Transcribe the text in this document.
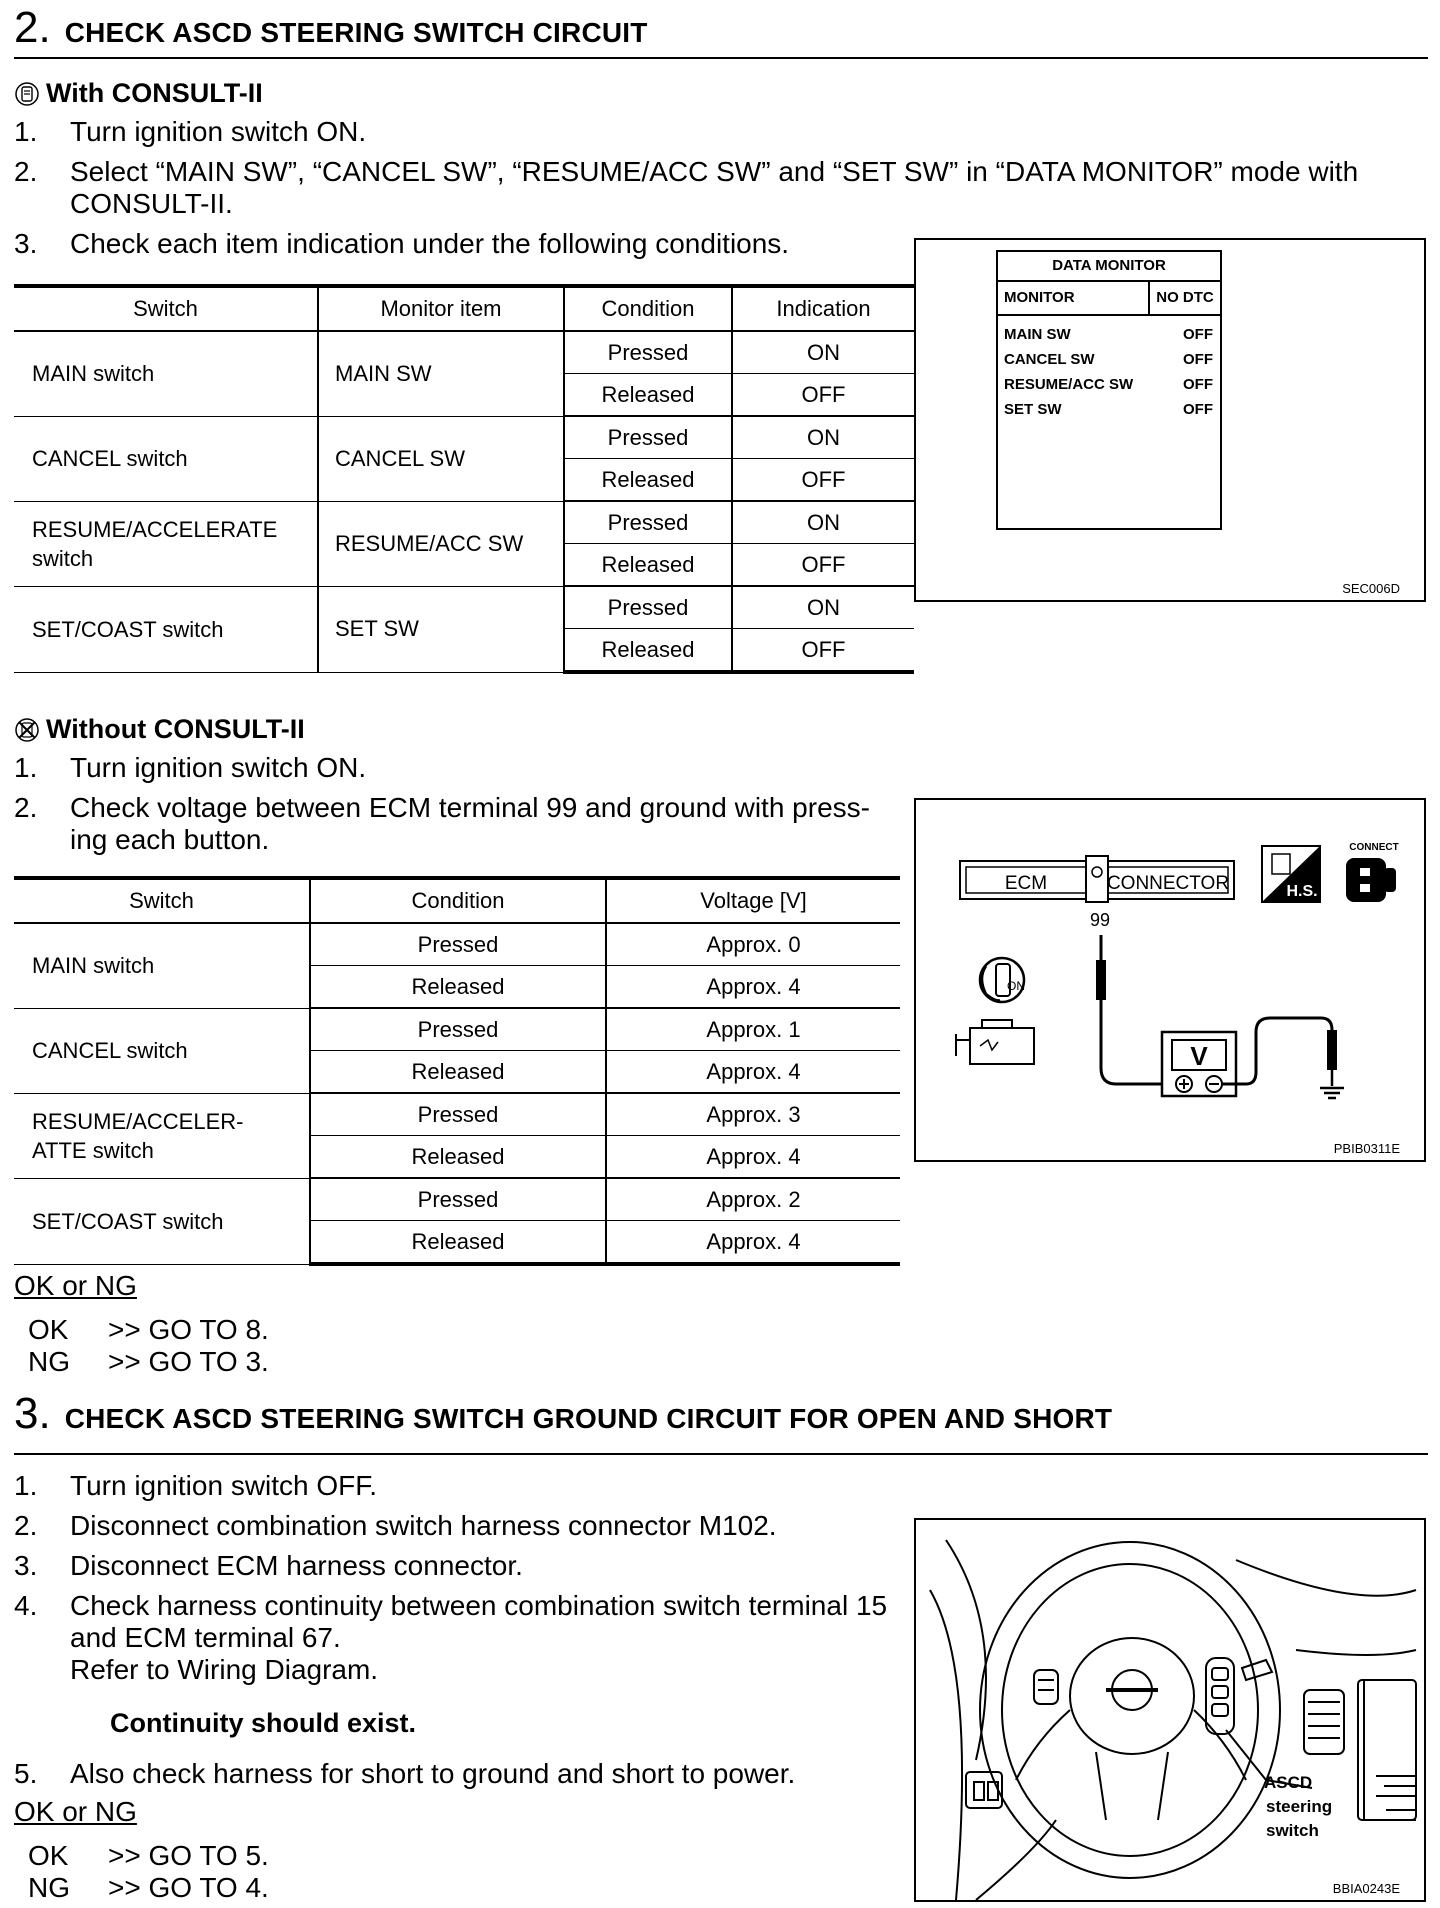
2. CHECK ASCD STEERING SWITCH CIRCUIT
With CONSULT-II
1.	Turn ignition switch ON.
2.	Select “MAIN SW”, “CANCEL SW”, “RESUME/ACC SW” and “SET SW” in “DATA MONITOR” mode with CONSULT-II.
3.	Check each item indication under the following conditions.
Switch	Monitor item	Condition	Indication
MAIN switch	MAIN SW	Pressed	ON
		Released	OFF
CANCEL switch	CANCEL SW	Pressed	ON
		Released	OFF
RESUME/ACCELERATE switch	RESUME/ACC SW	Pressed	ON
		Released	OFF
SET/COAST switch	SET SW	Pressed	ON
		Released	OFF
DATA MONITOR
MONITOR	NO DTC
MAIN SW	OFF
CANCEL SW	OFF
RESUME/ACC SW	OFF
SET SW	OFF
SEC006D
Without CONSULT-II
1.	Turn ignition switch ON.
2.	Check voltage between ECM terminal 99 and ground with press-ing each button.
Switch	Condition	Voltage [V]
MAIN switch	Pressed	Approx. 0
	Released	Approx. 4
CANCEL switch	Pressed	Approx. 1
	Released	Approx. 4
RESUME/ACCELER-ATTE switch	Pressed	Approx. 3
	Released	Approx. 4
SET/COAST switch	Pressed	Approx. 2
	Released	Approx. 4
ECM	CONNECTOR
99
H.S.
CONNECT
ON
V
PBIB0311E
OK or NG
OK	>> GO TO 8.
NG	>> GO TO 3.
3. CHECK ASCD STEERING SWITCH GROUND CIRCUIT FOR OPEN AND SHORT
1.	Turn ignition switch OFF.
2.	Disconnect combination switch harness connector M102.
3.	Disconnect ECM harness connector.
4.	Check harness continuity between combination switch terminal 15 and ECM terminal 67.
Refer to Wiring Diagram.
Continuity should exist.
5.	Also check harness for short to ground and short to power.	ASCD
steering
switch
BBIA0243E
OK or NG
OK	>> GO TO 5.
NG	>> GO TO 4.
